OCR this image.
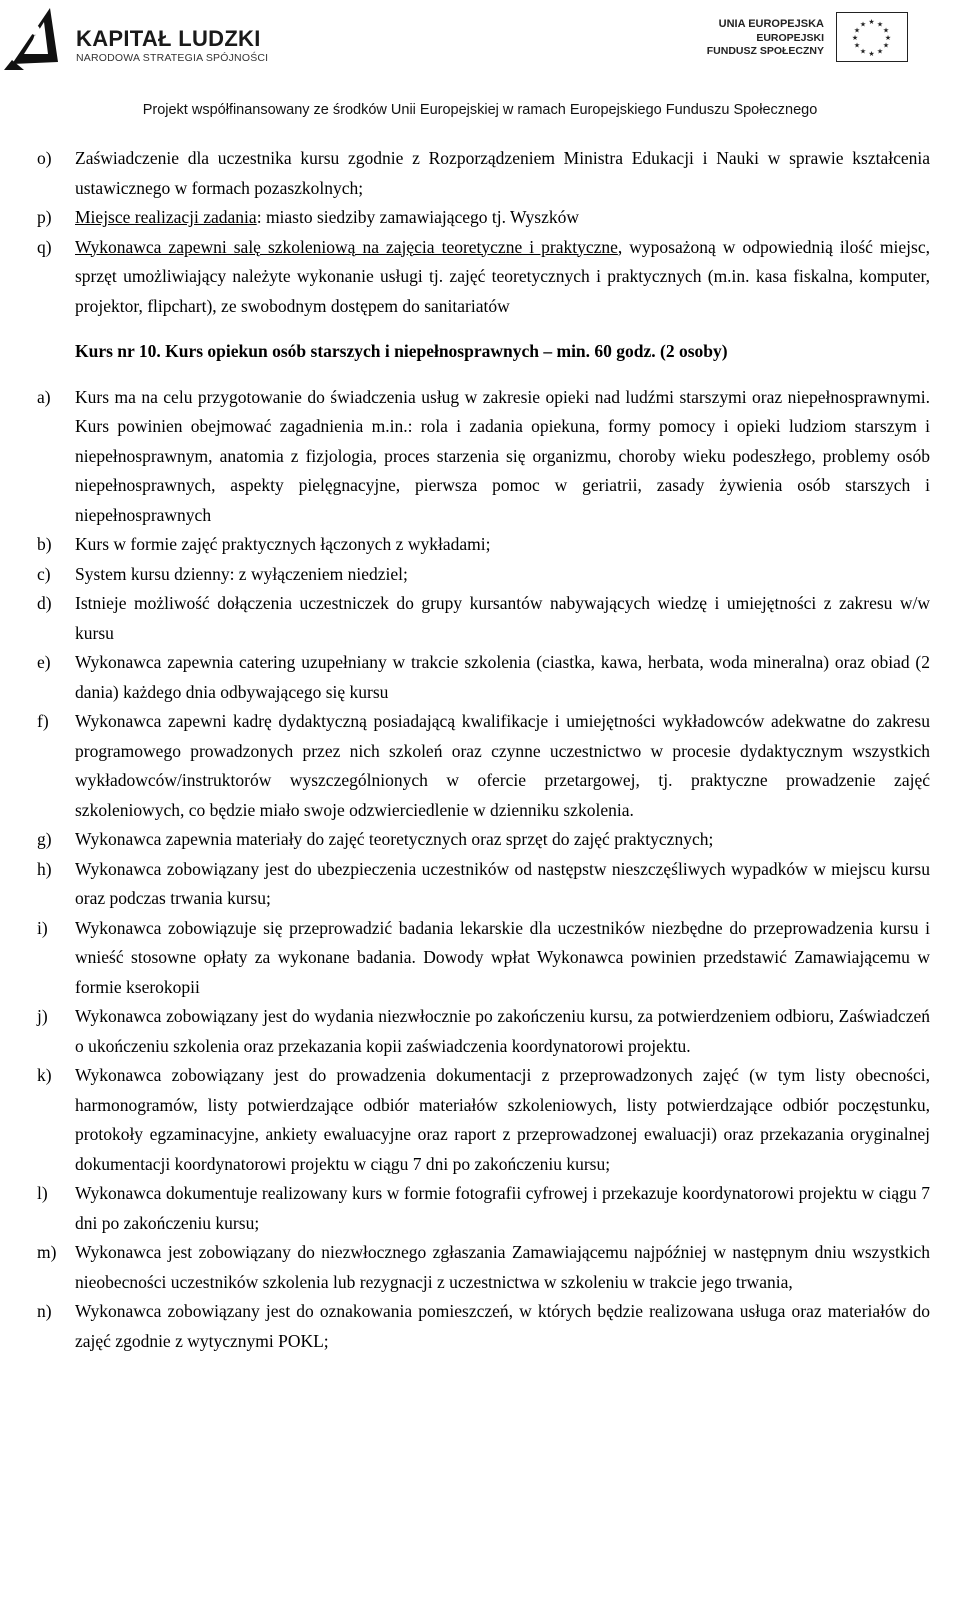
KAPITAŁ LUDZKI
NARODOWA STRATEGIA SPÓJNOŚCI
UNIA EUROPEJSKA
EUROPEJSKI
FUNDUSZ SPOŁECZNY
★ ★
★
★
★
★
★
★
★
★
★
★
Projekt współfinansowany ze środków Unii Europejskiej w ramach Europejskiego Funduszu Społecznego
o) Zaświadczenie dla uczestnika kursu zgodnie z Rozporządzeniem Ministra Edukacji i Nauki w sprawie kształcenia ustawicznego w formach pozaszkolnych;
p) Miejsce realizacji zadania: miasto siedziby zamawiającego tj. Wyszków
q) Wykonawca zapewni salę szkoleniową na zajęcia teoretyczne i praktyczne, wyposażoną w odpowiednią ilość miejsc, sprzęt umożliwiający należyte wykonanie usługi tj. zajęć teoretycznych i praktycznych (m.in. kasa fiskalna, komputer, projektor, flipchart), ze swobodnym dostępem do sanitariatów
Kurs nr 10. Kurs opiekun osób starszych i niepełnosprawnych – min. 60 godz. (2 osoby)
a) Kurs ma na celu przygotowanie do świadczenia usług w zakresie opieki nad ludźmi starszymi oraz niepełnosprawnymi. Kurs powinien obejmować zagadnienia m.in.: rola i zadania opiekuna, formy pomocy i opieki ludziom starszym i niepełnosprawnym, anatomia z fizjologia, proces starzenia się organizmu, choroby wieku podeszłego, problemy osób niepełnosprawnych, aspekty pielęgnacyjne, pierwsza pomoc w geriatrii, zasady żywienia osób starszych i niepełnosprawnych
b) Kurs w formie zajęć praktycznych łączonych z wykładami;
c) System kursu dzienny: z wyłączeniem niedziel;
d) Istnieje możliwość dołączenia uczestniczek do grupy kursantów nabywających wiedzę i umiejętności z zakresu w/w kursu
e) Wykonawca zapewnia catering uzupełniany w trakcie szkolenia (ciastka, kawa, herbata, woda mineralna) oraz obiad (2 dania) każdego dnia odbywającego się kursu
f) Wykonawca zapewni kadrę dydaktyczną posiadającą kwalifikacje i umiejętności wykładowców adekwatne do zakresu programowego prowadzonych przez nich szkoleń oraz czynne uczestnictwo w procesie dydaktycznym wszystkich wykładowców/instruktorów wyszczególnionych w ofercie przetargowej, tj. praktyczne prowadzenie zajęć szkoleniowych, co będzie miało swoje odzwierciedlenie w dzienniku szkolenia.
g) Wykonawca zapewnia materiały do zajęć teoretycznych oraz sprzęt do zajęć praktycznych;
h) Wykonawca zobowiązany jest do ubezpieczenia uczestników od następstw nieszczęśliwych wypadków w miejscu kursu oraz podczas trwania kursu;
i) Wykonawca zobowiązuje się przeprowadzić badania lekarskie dla uczestników niezbędne do przeprowadzenia kursu i wnieść stosowne opłaty za wykonane badania. Dowody wpłat Wykonawca powinien przedstawić Zamawiającemu w formie kserokopii
j) Wykonawca zobowiązany jest do wydania niezwłocznie po zakończeniu kursu, za potwierdzeniem odbioru, Zaświadczeń o ukończeniu szkolenia oraz przekazania kopii zaświadczenia koordynatorowi projektu.
k) Wykonawca zobowiązany jest do prowadzenia dokumentacji z przeprowadzonych zajęć (w tym listy obecności, harmonogramów, listy potwierdzające odbiór materiałów szkoleniowych, listy potwierdzające odbiór poczęstunku, protokoły egzaminacyjne, ankiety ewaluacyjne oraz raport z przeprowadzonej ewaluacji) oraz przekazania oryginalnej dokumentacji koordynatorowi projektu w ciągu 7 dni po zakończeniu kursu;
l) Wykonawca dokumentuje realizowany kurs w formie fotografii cyfrowej i przekazuje koordynatorowi projektu w ciągu 7 dni po zakończeniu kursu;
m) Wykonawca jest zobowiązany do niezwłocznego zgłaszania Zamawiającemu najpóźniej w następnym dniu wszystkich nieobecności uczestników szkolenia lub rezygnacji z uczestnictwa w szkoleniu w trakcie jego trwania,
n) Wykonawca zobowiązany jest do oznakowania pomieszczeń, w których będzie realizowana usługa oraz materiałów do zajęć zgodnie z wytycznymi POKL;
